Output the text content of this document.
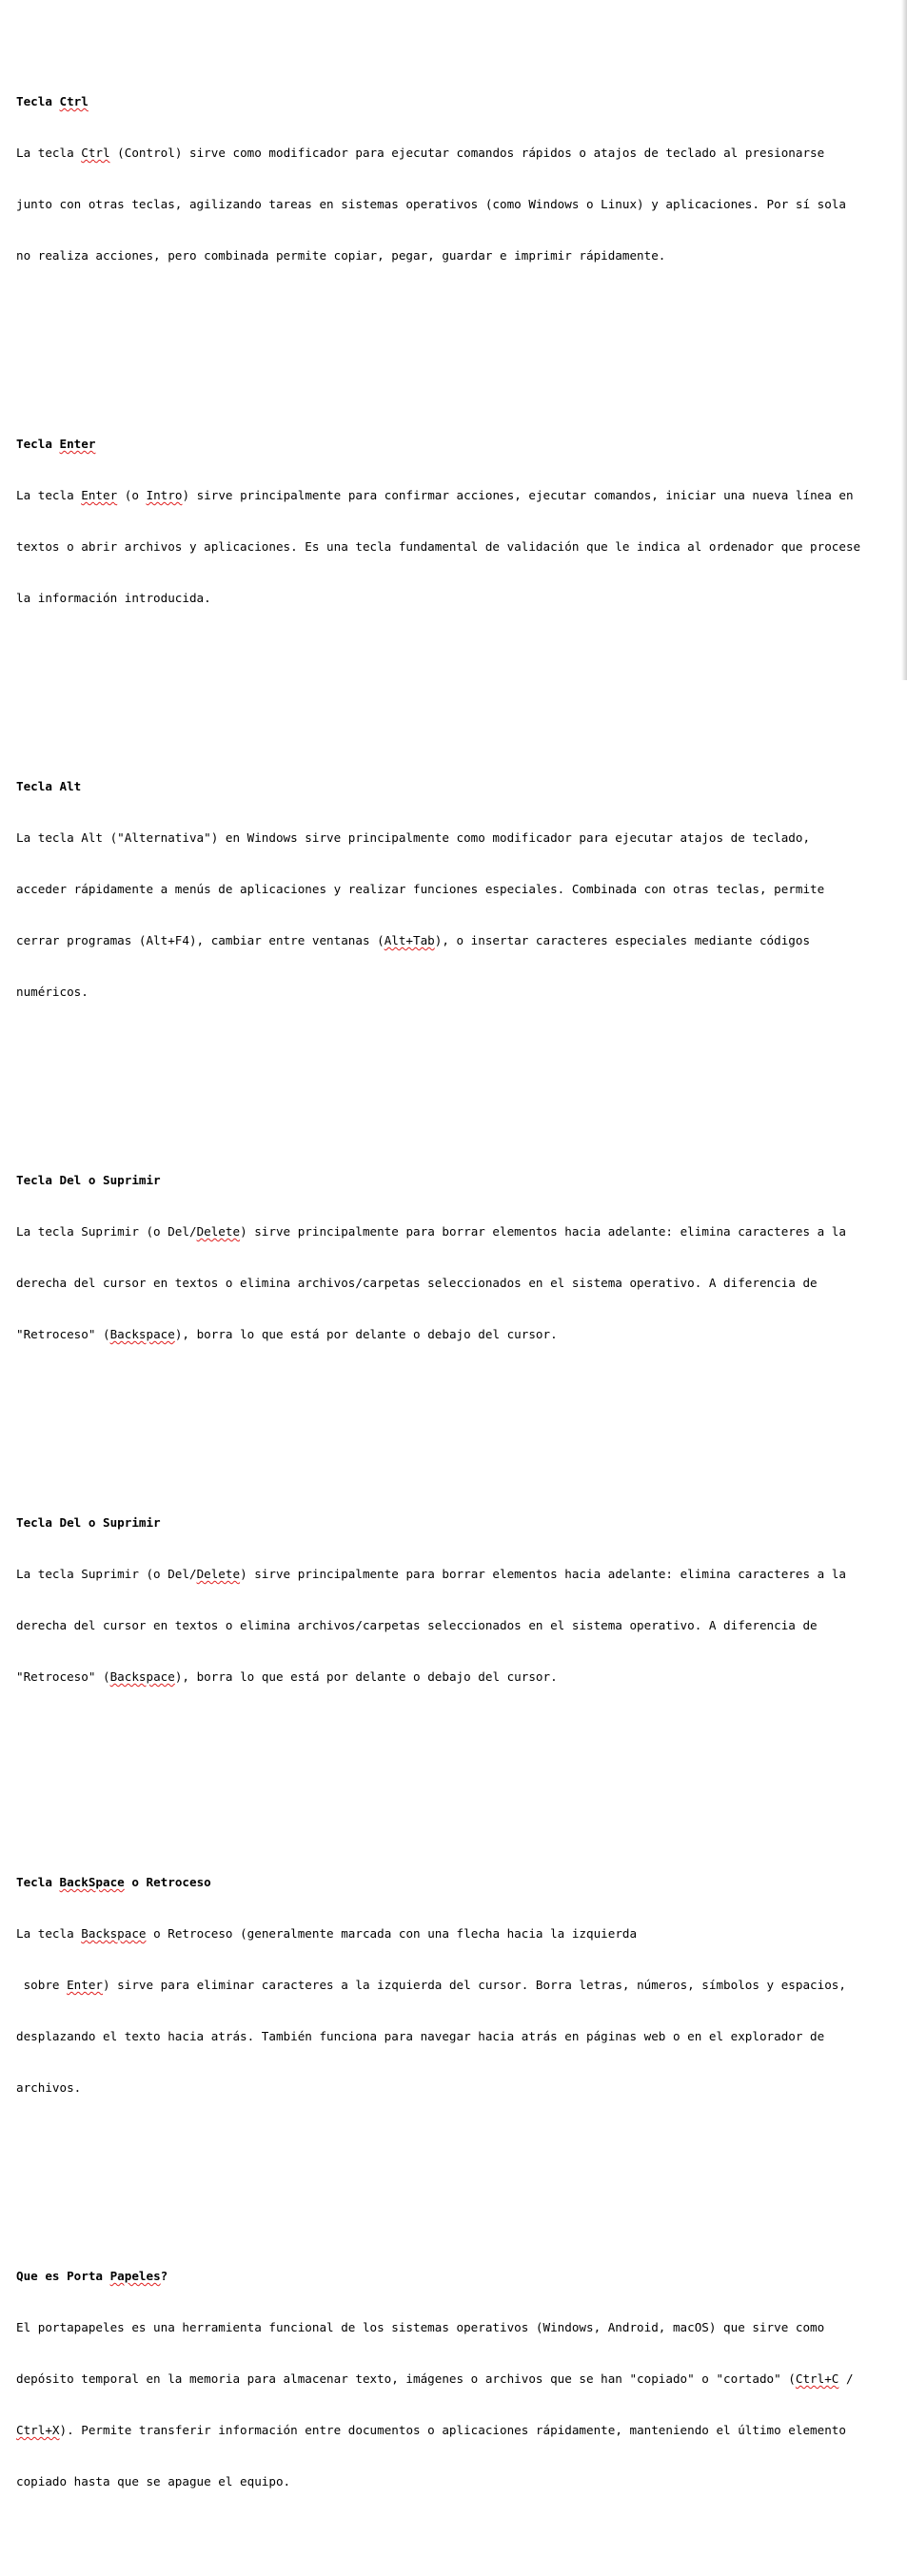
Tecla Ctrl

La tecla Ctrl (Control) sirve como modificador para ejecutar comandos rápidos o atajos de teclado al presionarse

junto con otras teclas, agilizando tareas en sistemas operativos (como Windows o Linux) y aplicaciones. Por sí sola

no realiza acciones, pero combinada permite copiar, pegar, guardar e imprimir rápidamente.

Tecla Enter

La tecla Enter (o Intro) sirve principalmente para confirmar acciones, ejecutar comandos, iniciar una nueva línea en

textos o abrir archivos y aplicaciones. Es una tecla fundamental de validación que le indica al ordenador que procese

la información introducida.

Tecla Alt

La tecla Alt ("Alternativa") en Windows sirve principalmente como modificador para ejecutar atajos de teclado,

acceder rápidamente a menús de aplicaciones y realizar funciones especiales. Combinada con otras teclas, permite

cerrar programas (Alt+F4), cambiar entre ventanas (Alt+Tab), o insertar caracteres especiales mediante códigos

numéricos.

Tecla Del o Suprimir

La tecla Suprimir (o Del/Delete) sirve principalmente para borrar elementos hacia adelante: elimina caracteres a la

derecha del cursor en textos o elimina archivos/carpetas seleccionados en el sistema operativo. A diferencia de

"Retroceso" (Backspace), borra lo que está por delante o debajo del cursor.

Tecla Del o Suprimir

La tecla Suprimir (o Del/Delete) sirve principalmente para borrar elementos hacia adelante: elimina caracteres a la

derecha del cursor en textos o elimina archivos/carpetas seleccionados en el sistema operativo. A diferencia de

"Retroceso" (Backspace), borra lo que está por delante o debajo del cursor.

Tecla BackSpace o Retroceso

La tecla Backspace o Retroceso (generalmente marcada con una flecha hacia la izquierda

sobre Enter) sirve para eliminar caracteres a la izquierda del cursor. Borra letras, números, símbolos y espacios,

desplazando el texto hacia atrás. También funciona para navegar hacia atrás en páginas web o en el explorador de

archivos.

Que es Porta Papeles?

El portapapeles es una herramienta funcional de los sistemas operativos (Windows, Android, macOS) que sirve como

depósito temporal en la memoria para almacenar texto, imágenes o archivos que se han "copiado" o "cortado" (Ctrl+C /

Ctrl+X). Permite transferir información entre documentos o aplicaciones rápidamente, manteniendo el último elemento

copiado hasta que se apague el equipo.
